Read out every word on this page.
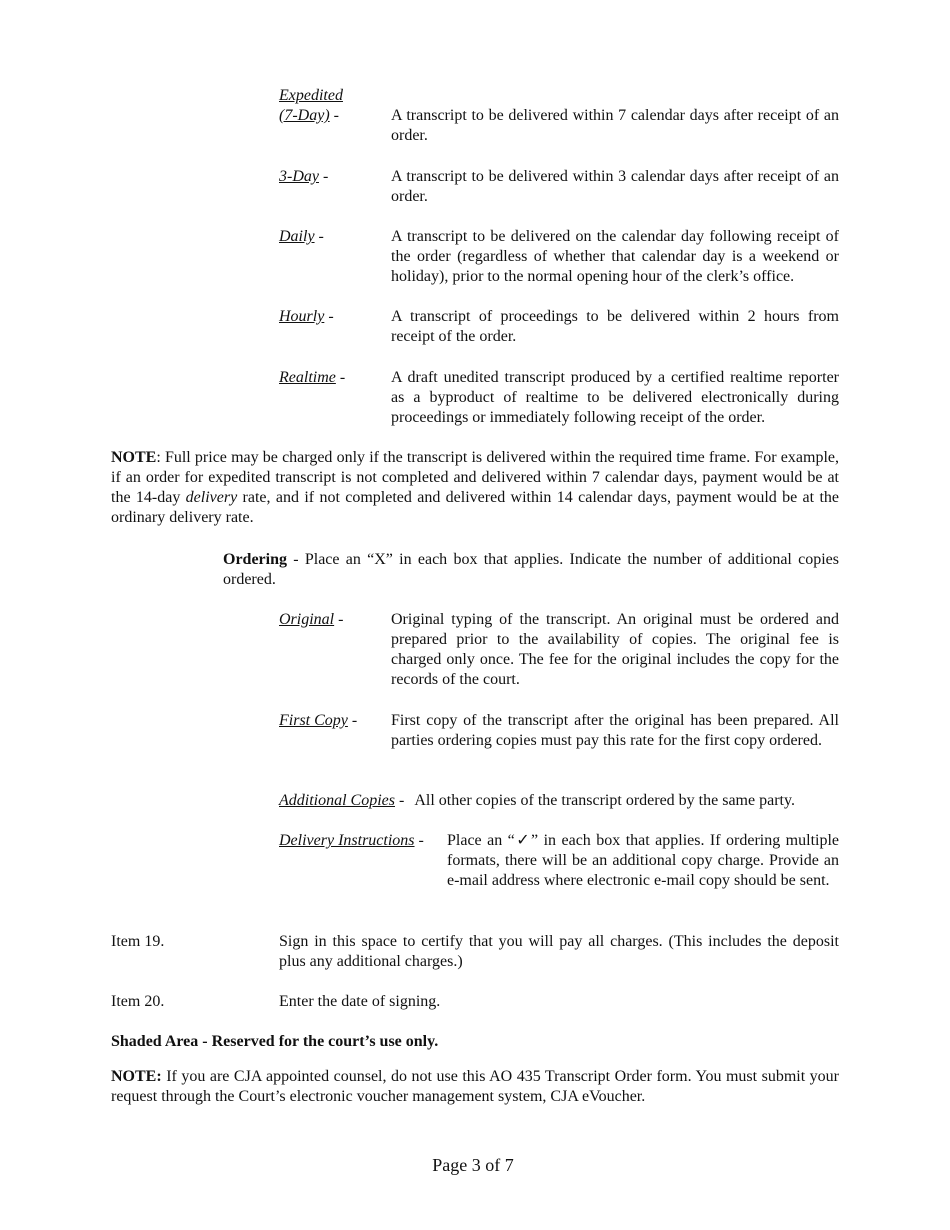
Expedited
(7-Day) -	A transcript to be delivered within 7 calendar days after receipt of an order.
3-Day -	A transcript to be delivered within 3 calendar days after receipt of an order.
Daily -	A transcript to be delivered on the calendar day following receipt of the order (regardless of whether that calendar day is a weekend or holiday), prior to the normal opening hour of the clerk’s office.
Hourly -	A transcript of proceedings to be delivered within 2 hours from receipt of the order.
Realtime -	A draft unedited transcript produced by a certified realtime reporter as a byproduct of realtime to be delivered electronically during proceedings or immediately following receipt of the order.
NOTE: Full price may be charged only if the transcript is delivered within the required time frame. For example, if an order for expedited transcript is not completed and delivered within 7 calendar days, payment would be at the 14-day delivery rate, and if not completed and delivered within 14 calendar days, payment would be at the ordinary delivery rate.
Ordering - Place an “X” in each box that applies. Indicate the number of additional copies ordered.
Original -	Original typing of the transcript. An original must be ordered and prepared prior to the availability of copies. The original fee is charged only once. The fee for the original includes the copy for the records of the court.
First Copy - First copy of the transcript after the original has been prepared. All parties ordering copies must pay this rate for the first copy ordered.
Additional Copies - All other copies of the transcript ordered by the same party.
Delivery Instructions - Place an “✓” in each box that applies. If ordering multiple formats, there will be an additional copy charge. Provide an e-mail address where electronic e-mail copy should be sent.
Item 19.	Sign in this space to certify that you will pay all charges. (This includes the deposit plus any additional charges.)
Item 20.	Enter the date of signing.
Shaded Area - Reserved for the court’s use only.
NOTE: If you are CJA appointed counsel, do not use this AO 435 Transcript Order form. You must submit your request through the Court’s electronic voucher management system, CJA eVoucher.
Page 3 of 7
